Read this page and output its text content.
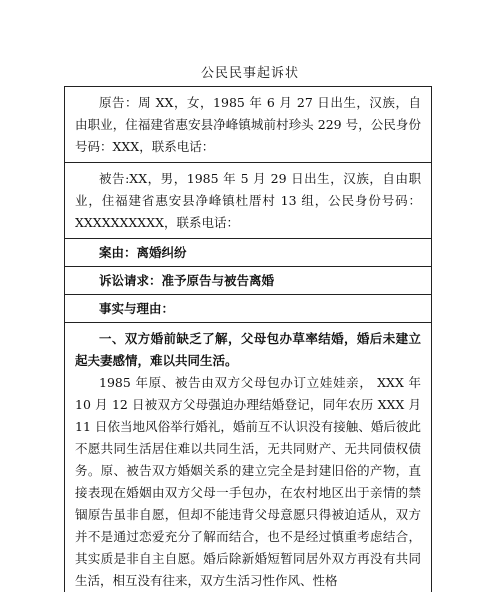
公民民事起诉状
原告：周 XX，女，1985 年 6 月 27 日出生，汉族，自由职业，住福建省惠安县净峰镇城前村珍头 229 号，公民身份号码：XXX，联系电话：
被告:XX，男，1985 年 5 月 29 日出生，汉族，自由职业，住福建省惠安县净峰镇杜厝村 13 组，公民身份号码：XXXXXXXXXX，联系电话：
案由：离婚纠纷
诉讼请求：准予原告与被告离婚
事实与理由：
一、双方婚前缺乏了解，父母包办草率结婚，婚后未建立起夫妻感情，难以共同生活。
1985 年原、被告由双方父母包办订立娃娃亲， XXX 年 10 月 12 日被双方父母强迫办理结婚登记，同年农历 XXX 月 11 日依当地风俗举行婚礼，婚前互不认识没有接触、婚后彼此不愿共同生活居住难以共同生活，无共同财产、无共同债权债务。原、被告双方婚姻关系的建立完全是封建旧俗的产物，直接表现在婚姻由双方父母一手包办，在农村地区出于亲情的禁锢原告虽非自愿，但却不能违背父母意愿只得被迫适从，双方并不是通过恋爱充分了解而结合，也不是经过慎重考虑结合，其实质是非自主自愿。婚后除新婚短暂同居外双方再没有共同生活，相互没有往来，双方生活习性作风、性格
